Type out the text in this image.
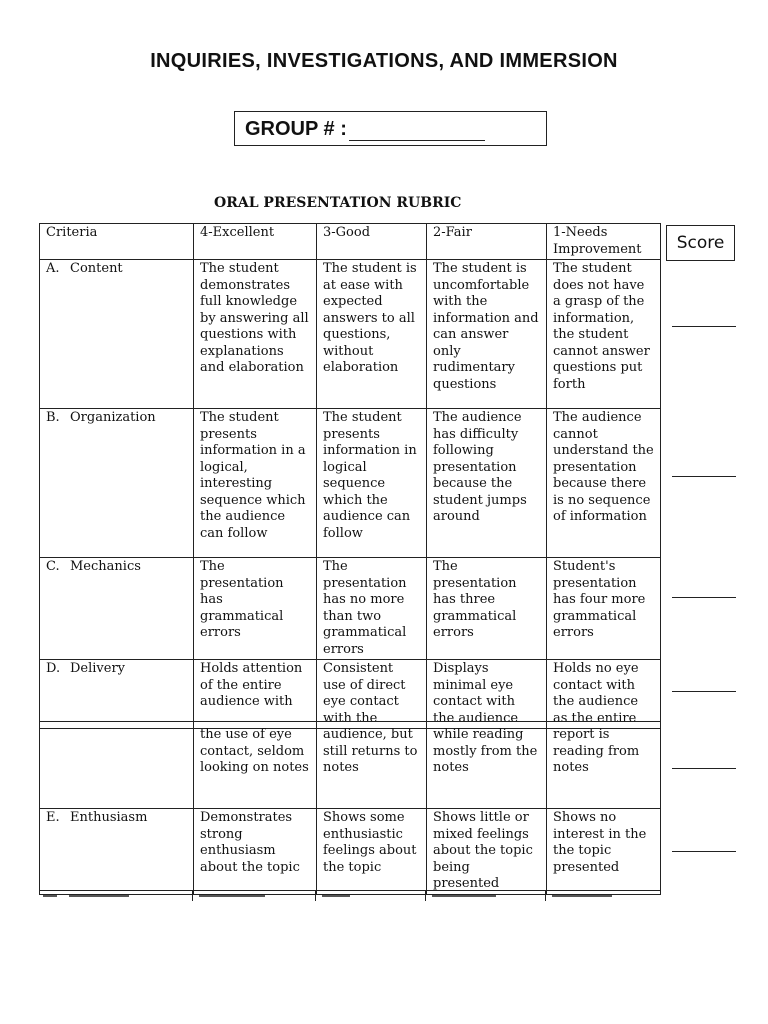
INQUIRIES, INVESTIGATIONS, AND IMMERSION
GROUP # :
ORAL PRESENTATION RUBRIC
Criteria	4-Excellent	3-Good	2-Fair	1-Needs Improvement
A. Content	The student demonstrates full knowledge by answering all questions with explanations and elaboration	The student is at ease with expected answers to all questions, without elaboration	The student is uncomfortable with the information and can answer only rudimentary questions	The student does not have a grasp of the information, the student cannot answer questions put forth
B. Organization	The student presents information in a logical, interesting sequence which the audience can follow	The student presents information in logical sequence which the audience can follow	The audience has difficulty following presentation because the student jumps around	The audience cannot understand the presentation because there is no sequence of information
C. Mechanics	The presentation has grammatical errors	The presentation has no more than two grammatical errors	The presentation has three grammatical errors	Student's presentation has four more grammatical errors
D. Delivery	Holds attention of the entire audience with	Consistent use of direct eye contact with the	Displays minimal eye contact with the audience	Holds no eye contact with the audience as the entire
	the use of eye contact, seldom looking on notes	audience, but still returns to notes	while reading mostly from the notes	report is reading from notes
E. Enthusiasm	Demonstrates strong enthusiasm about the topic	Shows some enthusiastic feelings about the topic	Shows little or mixed feelings about the topic being presented	Shows no interest in the the topic presented
Score
